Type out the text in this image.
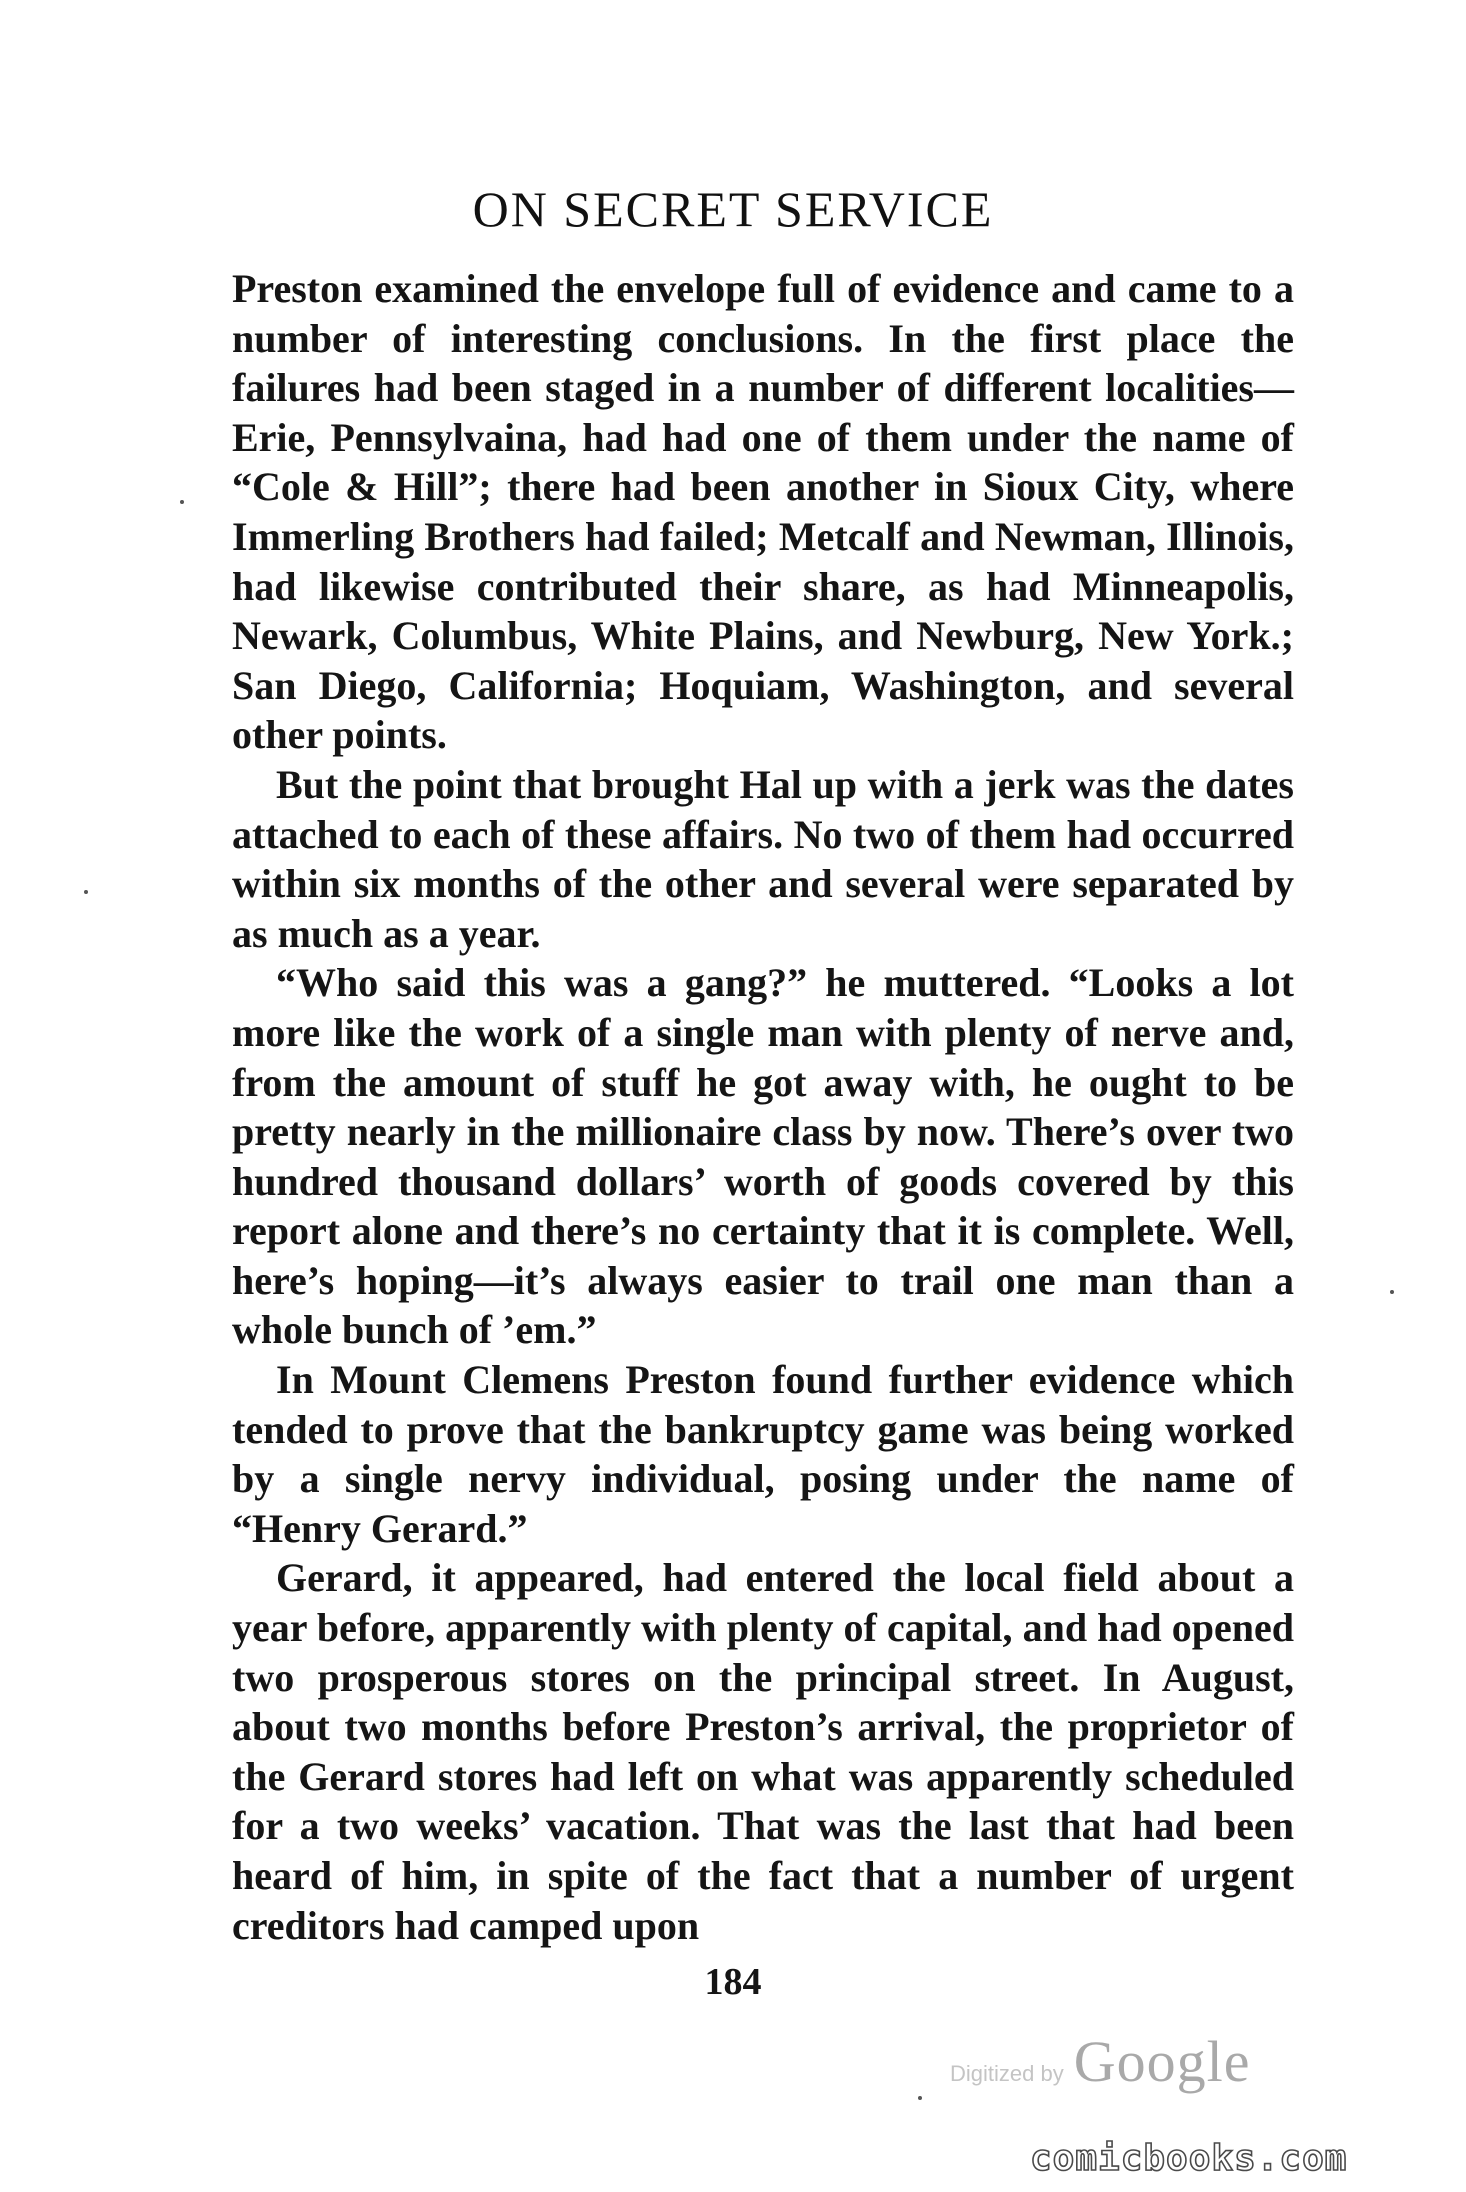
ON SECRET SERVICE

Preston examined the envelope full of evidence and came to a number of interesting conclusions. In the first place the failures had been staged in a number of different localities—Erie, Pennsylvaina, had had one of them under the name of “Cole & Hill”; there had been another in Sioux City, where Immerling Brothers had failed; Metcalf and Newman, Illinois, had likewise contributed their share, as had Minneapolis, Newark, Columbus, White Plains, and Newburg, New York.; San Diego, California; Hoquiam, Washington, and several other points.

But the point that brought Hal up with a jerk was the dates attached to each of these affairs. No two of them had occurred within six months of the other and several were separated by as much as a year.

“Who said this was a gang?” he muttered. “Looks a lot more like the work of a single man with plenty of nerve and, from the amount of stuff he got away with, he ought to be pretty nearly in the millionaire class by now. There’s over two hundred thousand dollars’ worth of goods covered by this report alone and there’s no certainty that it is complete. Well, here’s hoping—it’s always easier to trail one man than a whole bunch of ’em.”

In Mount Clemens Preston found further evidence which tended to prove that the bankruptcy game was being worked by a single nervy individual, posing under the name of “Henry Gerard.”

Gerard, it appeared, had entered the local field about a year before, apparently with plenty of capital, and had opened two prosperous stores on the principal street. In August, about two months before Preston’s arrival, the proprietor of the Gerard stores had left on what was apparently scheduled for a two weeks’ vacation. That was the last that had been heard of him, in spite of the fact that a number of urgent creditors had camped upon

184
Digitized by Google
comicbooks.com
